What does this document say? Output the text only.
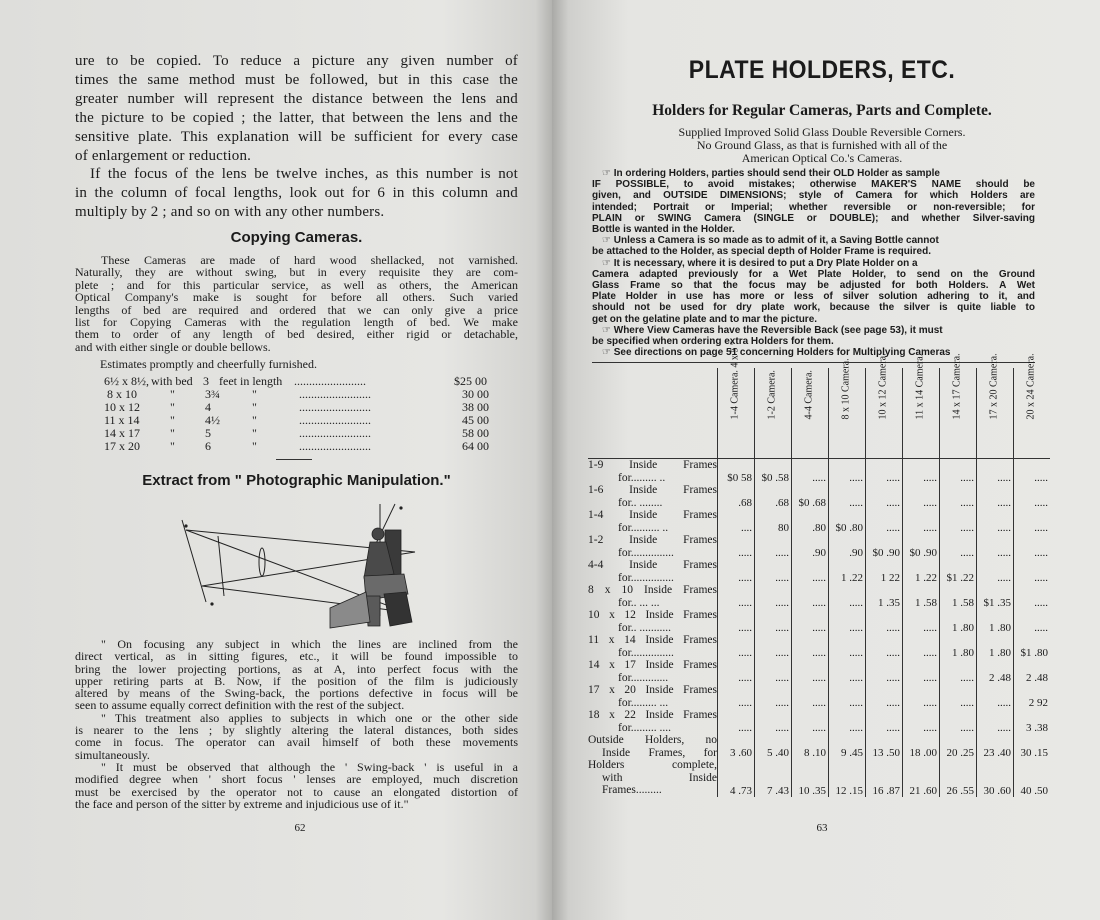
ure to be copied. To reduce a picture any given number of

times the same method must be followed, but in this case the

greater number will represent the distance between the lens and

the picture to be copied ; the latter, that between the lens and the

sensitive plate. This explanation will be sufficient for every case

of enlargement or reduction.

If the focus of the lens be twelve inches, as this number is not

in the column of focal lengths, look out for 6 in this column and

multiply by 2 ; and so on with any other numbers.

Copying Cameras.
These Cameras are made of hard wood shellacked, not varnished.
Naturally, they are without swing, but in every requisite they are com-
plete ; and for this particular service, as well as others, the American
Optical Company's make is sought for before all others. Such varied
lengths of bed are required and ordered that we can only give a price
list for Copying Cameras with the regulation length of bed. We make
them to order of any length of bed desired, either rigid or detachable,
and with either single or double bellows.
Estimates promptly and cheerfully furnished.
6½ x 8½, with bed 3 feet in length ........................	$25 00
8 x 10	"	3¾	"	........................	30 00
10 x 12	"	4	"	........................	38 00
11 x 14	"	4½	"	........................	45 00
14 x 17	"	5	"	........................	58 00
17 x 20	"	6	"	........................	64 00
Extract from " Photographic Manipulation."

" On focusing any subject in which the lines are inclined from the

direct vertical, as in sitting figures, etc., it will be found impossible to

bring the lower projecting portions, as at A, into perfect focus with the

upper retiring parts at B. Now, if the position of the film is judiciously

altered by means of the Swing-back, the portions defective in focus will be

seen to assume equally correct definition with the rest of the subject.

" This treatment also applies to subjects in which one or the other side

is nearer to the lens ; by slightly altering the lateral distances, both sides

come in focus. The operator can avail himself of both these movements

simultaneously.

" It must be observed that although the ' Swing-back ' is useful in a

modified degree when ' short focus ' lenses are employed, much discretion

must be exercised by the operator not to cause an elongated distortion of

the face and person of the sitter by extreme and injudicious use of it."

62
PLATE HOLDERS, ETC.
Holders for Regular Cameras, Parts and Complete.
Supplied Improved Solid Glass Double Reversible Corners.
No Ground Glass, as that is furnished with all of the
American Optical Co.'s Cameras.

☞ In ordering Holders, parties should send their OLD Holder as sample

IF POSSIBLE, to avoid mistakes; otherwise MAKER'S NAME should be

given, and OUTSIDE DIMENSIONS; style of Camera for which Holders are

intended; Portrait or Imperial; whether reversible or non-reversible; for

PLAIN or SWING Camera (SINGLE or DOUBLE); and whether Silver-saving

Bottle is wanted in the Holder.

☞ Unless a Camera is so made as to admit of it, a Saving Bottle cannot

be attached to the Holder, as special depth of Holder Frame is required.

☞ It is necessary, where it is desired to put a Dry Plate Holder on a

Camera adapted previously for a Wet Plate Holder, to send on the Ground

Glass Frame so that the focus may be adjusted for both Holders. A Wet

Plate Holder in use has more or less of silver solution adhering to it, and

should not be used for dry plate work, because the silver is quite liable to

get on the gelatine plate and to mar the picture.

☞ Where View Cameras have the Reversible Back (see page 53), it must

be specified when ordering extra Holders for them.

☞ See directions on page 51 concerning Holders for Multiplying Cameras

63

	1-4 Camera. 4 x 5 "	1-2 Camera.	4-4 Camera.	8 x 10 Camera.	10 x 12 Camera.	11 x 14 Camera.	14 x 17 Camera.	17 x 20 Camera.	20 x 24 Camera.

1-9 Inside Frames
for......... ..	$0 58	$0 .58	.....	.....	.....	.....	.....	.....	.....

1-6 Inside Frames
for.. ........	.68	.68	$0 .68	.....	.....	.....	.....	.....	.....

1-4 Inside Frames
for.......... ..	....	80	.80	$0 .80	.....	.....	.....	.....	.....

1-2 Inside Frames
for...............	.....	.....	.90	.90	$0 .90	$0 .90	.....	.....	.....

4-4 Inside Frames
for...............	.....	.....	.....	1 .22	1 22	1 .22	$1 .22	.....	.....

8 x 10 Inside Frames
for.. ... ...	.....	.....	.....	.....	1 .35	1 .58	1 .58	$1 .35	.....

10 x 12 Inside Frames
for.. ...........	.....	.....	.....	.....	.....	.....	1 .80	1 .80	.....

11 x 14 Inside Frames
for...............	.....	.....	.....	.....	.....	.....	1 .80	1 .80	$1 .80

14 x 17 Inside Frames
for.............	.....	.....	.....	.....	.....	.....	.....	2 .48	2 .48

17 x 20 Inside Frames
for......... ...	.....	.....	.....	.....	.....	.....	.....	.....	2 92

18 x 22 Inside Frames
for......... ....	.....	.....	.....	.....	.....	.....	.....	.....	3 .38

Outside Holders, no
Inside Frames, for	3 .60	5 .40	8 .10	9 .45	13 .50	18 .00	20 .25	23 .40	30 .15

Holders complete,
with Inside
Frames.........	4 .73	7 .43	10 .35	12 .15	16 .87	21 .60	26 .55	30 .60	40 .50
